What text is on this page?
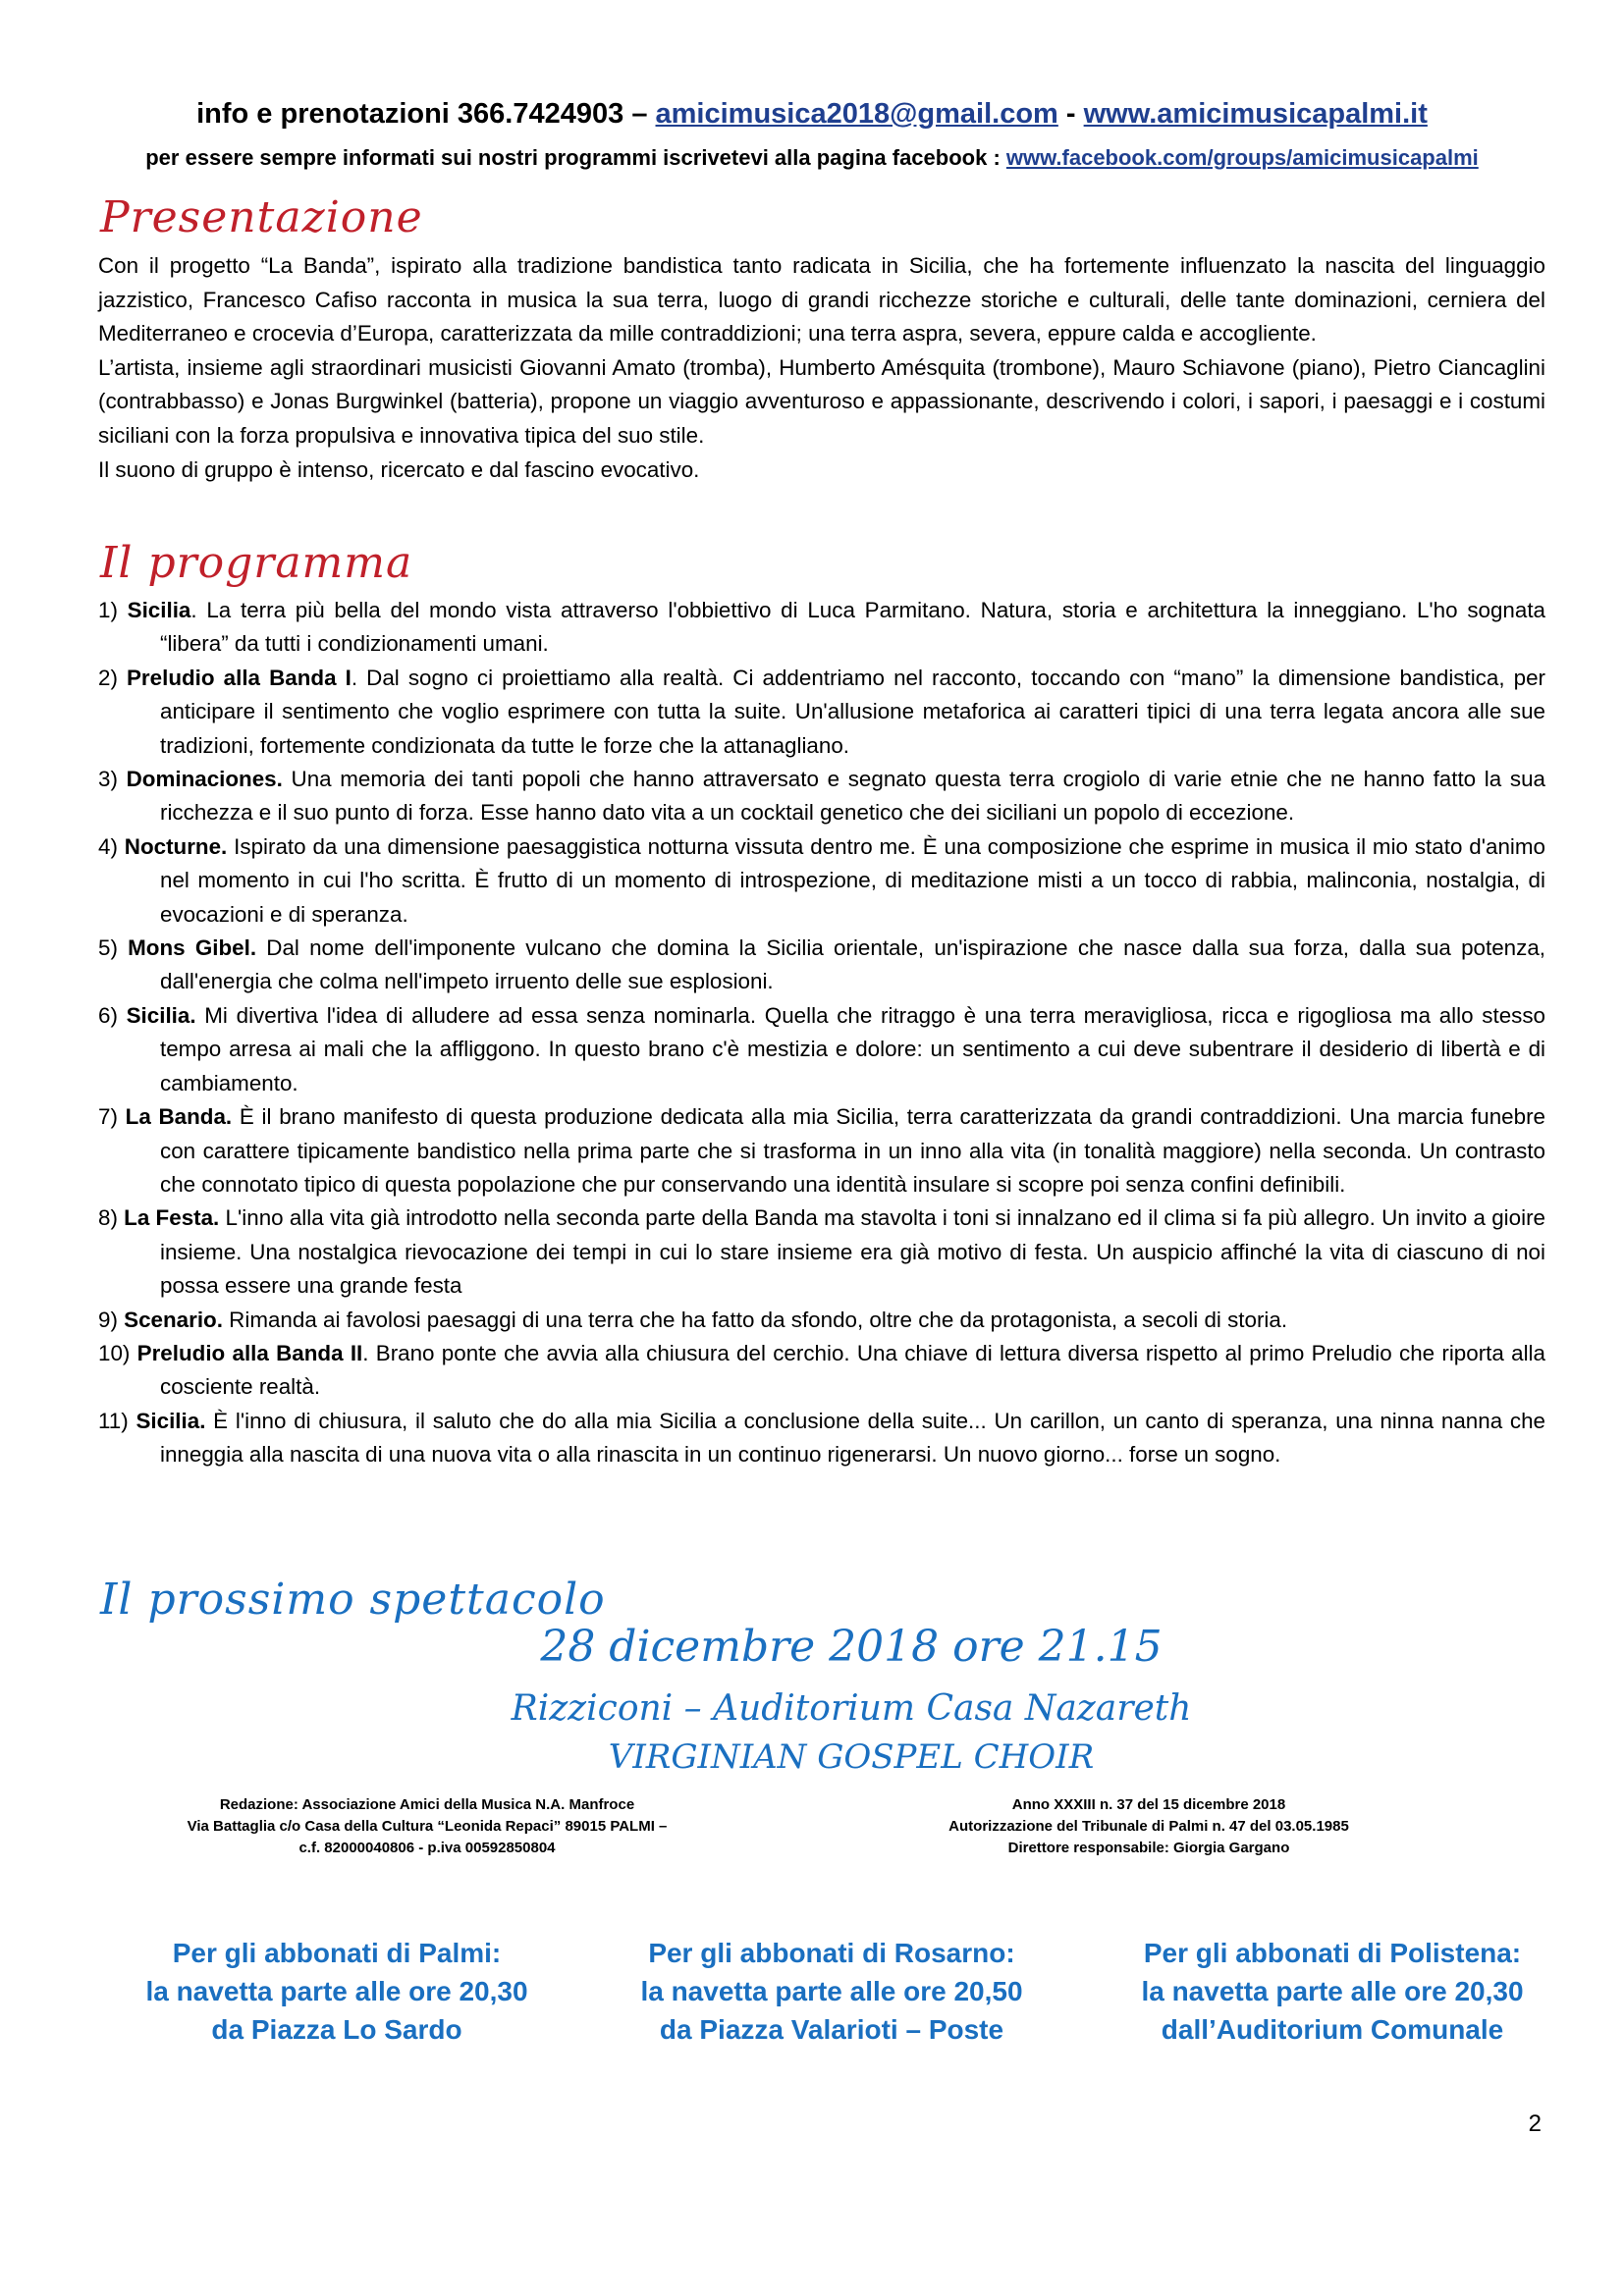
info e prenotazioni 366.7424903 – amicimusica2018@gmail.com - www.amicimusicapalmi.it
per essere sempre informati sui nostri programmi iscrivetevi alla pagina facebook : www.facebook.com/groups/amicimusicapalmi
Presentazione

Con il progetto “La Banda”, ispirato alla tradizione bandistica tanto radicata in Sicilia, che ha fortemente influenzato la nascita del linguaggio jazzistico, Francesco Cafiso racconta in musica la sua terra, luogo di grandi ricchezze storiche e culturali, delle tante dominazioni, cerniera del Mediterraneo e crocevia d’Europa, caratterizzata da mille contraddizioni; una terra aspra, severa, eppure calda e accogliente.

L’artista, insieme agli straordinari musicisti Giovanni Amato (tromba), Humberto Amésquita (trombone), Mauro Schiavone (piano), Pietro Ciancaglini (contrabbasso) e Jonas Burgwinkel (batteria), propone un viaggio avventuroso e appassionante, descrivendo i colori, i sapori, i paesaggi e i costumi siciliani con la forza propulsiva e innovativa tipica del suo stile.

Il suono di gruppo è intenso, ricercato e dal fascino evocativo.

Il programma
1) Sicilia. La terra più bella del mondo vista attraverso l'obbiettivo di Luca Parmitano. Natura, storia e architettura la inneggiano. L'ho sognata “libera” da tutti i condizionamenti umani.
2) Preludio alla Banda I. Dal sogno ci proiettiamo alla realtà. Ci addentriamo nel racconto, toccando con “mano” la dimensione bandistica, per anticipare il sentimento che voglio esprimere con tutta la suite. Un'allusione metaforica ai caratteri tipici di una terra legata ancora alle sue tradizioni, fortemente condizionata da tutte le forze che la attanagliano.
3) Dominaciones. Una memoria dei tanti popoli che hanno attraversato e segnato questa terra crogiolo di varie etnie che ne hanno fatto la sua ricchezza e il suo punto di forza. Esse hanno dato vita a un cocktail genetico che dei siciliani un popolo di eccezione.
4) Nocturne. Ispirato da una dimensione paesaggistica notturna vissuta dentro me. È una composizione che esprime in musica il mio stato d'animo nel momento in cui l'ho scritta. È frutto di un momento di introspezione, di meditazione misti a un tocco di rabbia, malinconia, nostalgia, di evocazioni e di speranza.
5) Mons Gibel. Dal nome dell'imponente vulcano che domina la Sicilia orientale, un'ispirazione che nasce dalla sua forza, dalla sua potenza, dall'energia che colma nell'impeto irruento delle sue esplosioni.
6) Sicilia. Mi divertiva l'idea di alludere ad essa senza nominarla. Quella che ritraggo è una terra meravigliosa, ricca e rigogliosa ma allo stesso tempo arresa ai mali che la affliggono. In questo brano c'è mestizia e dolore: un sentimento a cui deve subentrare il desiderio di libertà e di cambiamento.
7) La Banda. È il brano manifesto di questa produzione dedicata alla mia Sicilia, terra caratterizzata da grandi contraddizioni. Una marcia funebre con carattere tipicamente bandistico nella prima parte che si trasforma in un inno alla vita (in tonalità maggiore) nella seconda. Un contrasto che connotato tipico di questa popolazione che pur conservando una identità insulare si scopre poi senza confini definibili.
8) La Festa. L'inno alla vita già introdotto nella seconda parte della Banda ma stavolta i toni si innalzano ed il clima si fa più allegro. Un invito a gioire insieme. Una nostalgica rievocazione dei tempi in cui lo stare insieme era già motivo di festa. Un auspicio affinché la vita di ciascuno di noi possa essere una grande festa
9) Scenario. Rimanda ai favolosi paesaggi di una terra che ha fatto da sfondo, oltre che da protagonista, a secoli di storia.
10) Preludio alla Banda II. Brano ponte che avvia alla chiusura del cerchio. Una chiave di lettura diversa rispetto al primo Preludio che riporta alla cosciente realtà.
11) Sicilia. È l'inno di chiusura, il saluto che do alla mia Sicilia a conclusione della suite... Un carillon, un canto di speranza, una ninna nanna che inneggia alla nascita di una nuova vita o alla rinascita in un continuo rigenerarsi. Un nuovo giorno... forse un sogno.
Il prossimo spettacolo
28 dicembre 2018 ore 21.15
Rizziconi – Auditorium Casa Nazareth
VIRGINIAN GOSPEL CHOIR
Redazione: Associazione Amici della Musica N.A. Manfroce
Via Battaglia c/o Casa della Cultura “Leonida Repaci” 89015 PALMI –
c.f. 82000040806 - p.iva 00592850804
Anno XXXIII n. 37 del 15 dicembre 2018
Autorizzazione del Tribunale di Palmi n. 47 del 03.05.1985
Direttore responsabile: Giorgia Gargano
Per gli abbonati di Palmi:
la navetta parte alle ore 20,30
da Piazza Lo Sardo
Per gli abbonati di Rosarno:
la navetta parte alle ore 20,50
da Piazza Valarioti – Poste
Per gli abbonati di Polistena:
la navetta parte alle ore 20,30
dall’Auditorium Comunale
2
